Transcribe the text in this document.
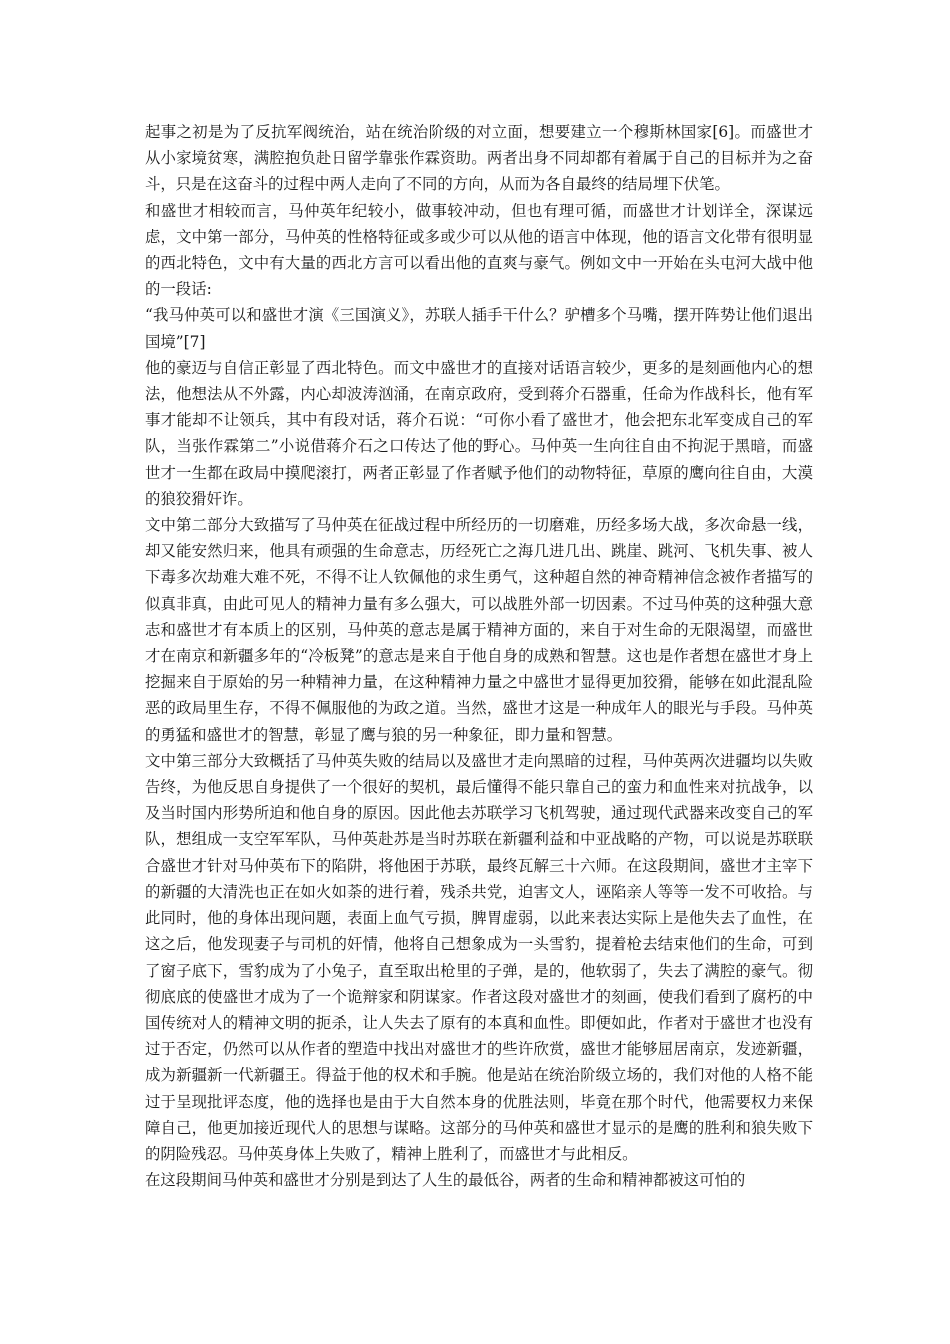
起事之初是为了反抗军阀统治，站在统治阶级的对立面，想要建立一个穆斯林国家[6]。而盛世才从小家境贫寒，满腔抱负赴日留学靠张作霖资助。两者出身不同却都有着属于自己的目标并为之奋斗，只是在这奋斗的过程中两人走向了不同的方向，从而为各自最终的结局埋下伏笔。

和盛世才相较而言，马仲英年纪较小，做事较冲动，但也有理可循，而盛世才计划详全，深谋远虑，文中第一部分，马仲英的性格特征或多或少可以从他的语言中体现，他的语言文化带有很明显的西北特色，文中有大量的西北方言可以看出他的直爽与豪气。例如文中一开始在头屯河大战中他的一段话:

“我马仲英可以和盛世才演《三国演义》，苏联人插手干什么？驴槽多个马嘴，摆开阵势让他们退出国境”[7]

他的豪迈与自信正彰显了西北特色。而文中盛世才的直接对话语言较少，更多的是刻画他内心的想法，他想法从不外露，内心却波涛汹涌，在南京政府，受到蒋介石器重，任命为作战科长，他有军事才能却不让领兵，其中有段对话，蒋介石说：“可你小看了盛世才，他会把东北军变成自己的军队，当张作霖第二”小说借蒋介石之口传达了他的野心。马仲英一生向往自由不拘泥于黑暗，而盛世才一生都在政局中摸爬滚打，两者正彰显了作者赋予他们的动物特征，草原的鹰向往自由，大漠的狼狡猾奸诈。

文中第二部分大致描写了马仲英在征战过程中所经历的一切磨难，历经多场大战，多次命悬一线，却又能安然归来，他具有顽强的生命意志，历经死亡之海几进几出、跳崖、跳河、飞机失事、被人下毒多次劫难大难不死，不得不让人钦佩他的求生勇气，这种超自然的神奇精神信念被作者描写的似真非真，由此可见人的精神力量有多么强大，可以战胜外部一切因素。不过马仲英的这种强大意志和盛世才有本质上的区别，马仲英的意志是属于精神方面的，来自于对生命的无限渴望，而盛世才在南京和新疆多年的“冷板凳”的意志是来自于他自身的成熟和智慧。这也是作者想在盛世才身上挖掘来自于原始的另一种精神力量，在这种精神力量之中盛世才显得更加狡猾，能够在如此混乱险恶的政局里生存，不得不佩服他的为政之道。当然，盛世才这是一种成年人的眼光与手段。马仲英的勇猛和盛世才的智慧，彰显了鹰与狼的另一种象征，即力量和智慧。

文中第三部分大致概括了马仲英失败的结局以及盛世才走向黑暗的过程，马仲英两次进疆均以失败告终，为他反思自身提供了一个很好的契机，最后懂得不能只靠自己的蛮力和血性来对抗战争，以及当时国内形势所迫和他自身的原因。因此他去苏联学习飞机驾驶，通过现代武器来改变自己的军队，想组成一支空军军队，马仲英赴苏是当时苏联在新疆利益和中亚战略的产物，可以说是苏联联合盛世才针对马仲英布下的陷阱，将他困于苏联，最终瓦解三十六师。在这段期间，盛世才主宰下的新疆的大清洗也正在如火如荼的进行着，残杀共党，迫害文人，诬陷亲人等等一发不可收拾。与此同时，他的身体出现问题，表面上血气亏损，脾胃虚弱，以此来表达实际上是他失去了血性，在这之后，他发现妻子与司机的奸情，他将自己想象成为一头雪豹，提着枪去结束他们的生命，可到了窗子底下，雪豹成为了小兔子，直至取出枪里的子弹，是的，他软弱了，失去了满腔的豪气。彻彻底底的使盛世才成为了一个诡辩家和阴谋家。作者这段对盛世才的刻画，使我们看到了腐朽的中国传统对人的精神文明的扼杀，让人失去了原有的本真和血性。即便如此，作者对于盛世才也没有过于否定，仍然可以从作者的塑造中找出对盛世才的些许欣赏，盛世才能够屈居南京，发迹新疆，成为新疆新一代新疆王。得益于他的权术和手腕。他是站在统治阶级立场的，我们对他的人格不能过于呈现批评态度，他的选择也是由于大自然本身的优胜法则，毕竟在那个时代，他需要权力来保障自己，他更加接近现代人的思想与谋略。这部分的马仲英和盛世才显示的是鹰的胜利和狼失败下的阴险残忍。马仲英身体上失败了，精神上胜利了，而盛世才与此相反。

在这段期间马仲英和盛世才分别是到达了人生的最低谷，两者的生命和精神都被这可怕的
